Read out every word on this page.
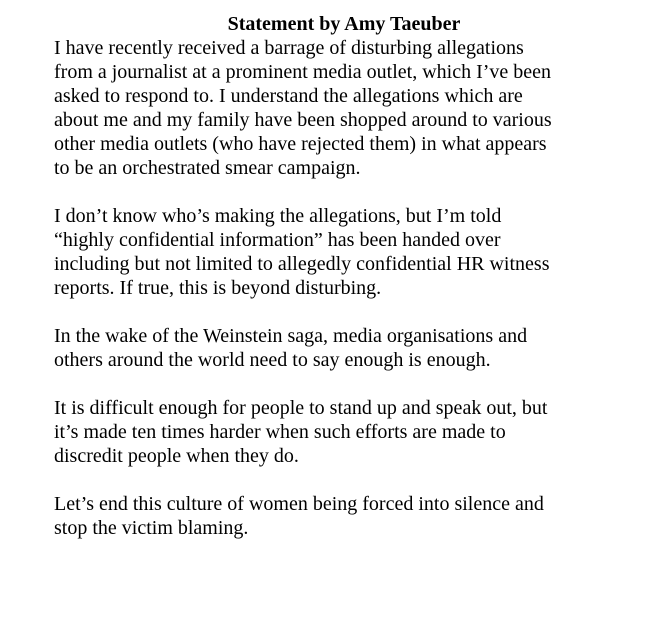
Statement by Amy Taeuber
I have recently received a barrage of disturbing allegations
from a journalist at a prominent media outlet, which I’ve been
asked to respond to. I understand the allegations which are
about me and my family have been shopped around to various
other media outlets (who have rejected them) in what appears
to be an orchestrated smear campaign.
I don’t know who’s making the allegations, but I’m told
“highly confidential information” has been handed over
including but not limited to allegedly confidential HR witness
reports. If true, this is beyond disturbing.
In the wake of the Weinstein saga, media organisations and
others around the world need to say enough is enough.
It is difficult enough for people to stand up and speak out, but
it’s made ten times harder when such efforts are made to
discredit people when they do.
Let’s end this culture of women being forced into silence and
stop the victim blaming.
